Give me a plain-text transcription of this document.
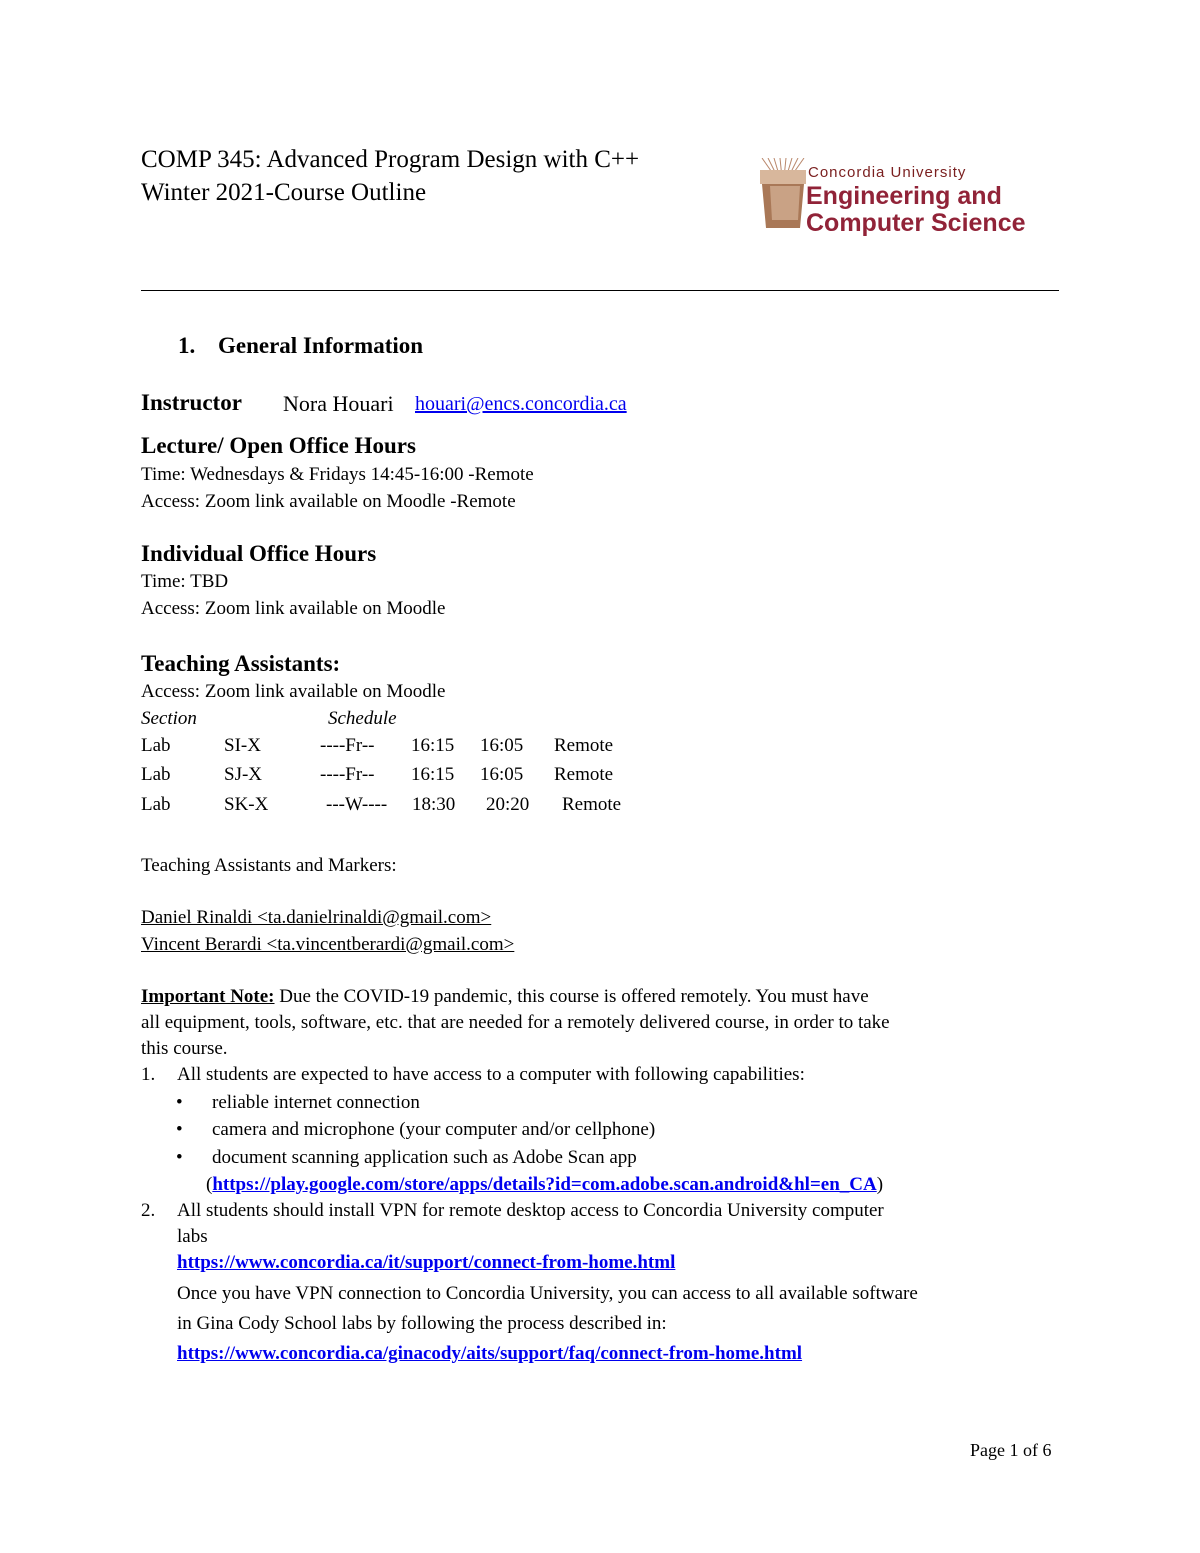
COMP 345: Advanced Program Design with C++
Winter 2021-Course Outline
Concordia University
Engineering and
Computer Science
1. General Information
Instructor Nora Houari houari@encs.concordia.ca
Lecture/ Open Office Hours
Time: Wednesdays & Fridays 14:45-16:00 -Remote
Access: Zoom link available on Moodle -Remote
Individual Office Hours
Time: TBD
Access: Zoom link available on Moodle
Teaching Assistants:
Access: Zoom link available on Moodle
Section	Schedule
Lab	SI-X	----Fr-- 16:15 16:05 Remote
Lab	SJ-X	----Fr-- 16:15 16:05 Remote
Lab	SK-X	---W---- 18:30 20:20 Remote
Teaching Assistants and Markers:
Daniel Rinaldi <ta.danielrinaldi@gmail.com>
Vincent Berardi <ta.vincentberardi@gmail.com>
Important Note: Due the COVID-19 pandemic, this course is offered remotely. You must have
all equipment, tools, software, etc. that are needed for a remotely delivered course, in order to take
this course.
1. All students are expected to have access to a computer with following capabilities:
• reliable internet connection
• camera and microphone (your computer and/or cellphone)
• document scanning application such as Adobe Scan app
(https://play.google.com/store/apps/details?id=com.adobe.scan.android&hl=en_CA)
2. All students should install VPN for remote desktop access to Concordia University computer
labs
https://www.concordia.ca/it/support/connect-from-home.html
Once you have VPN connection to Concordia University, you can access to all available software
in Gina Cody School labs by following the process described in:
https://www.concordia.ca/ginacody/aits/support/faq/connect-from-home.html
Page 1 of 6
